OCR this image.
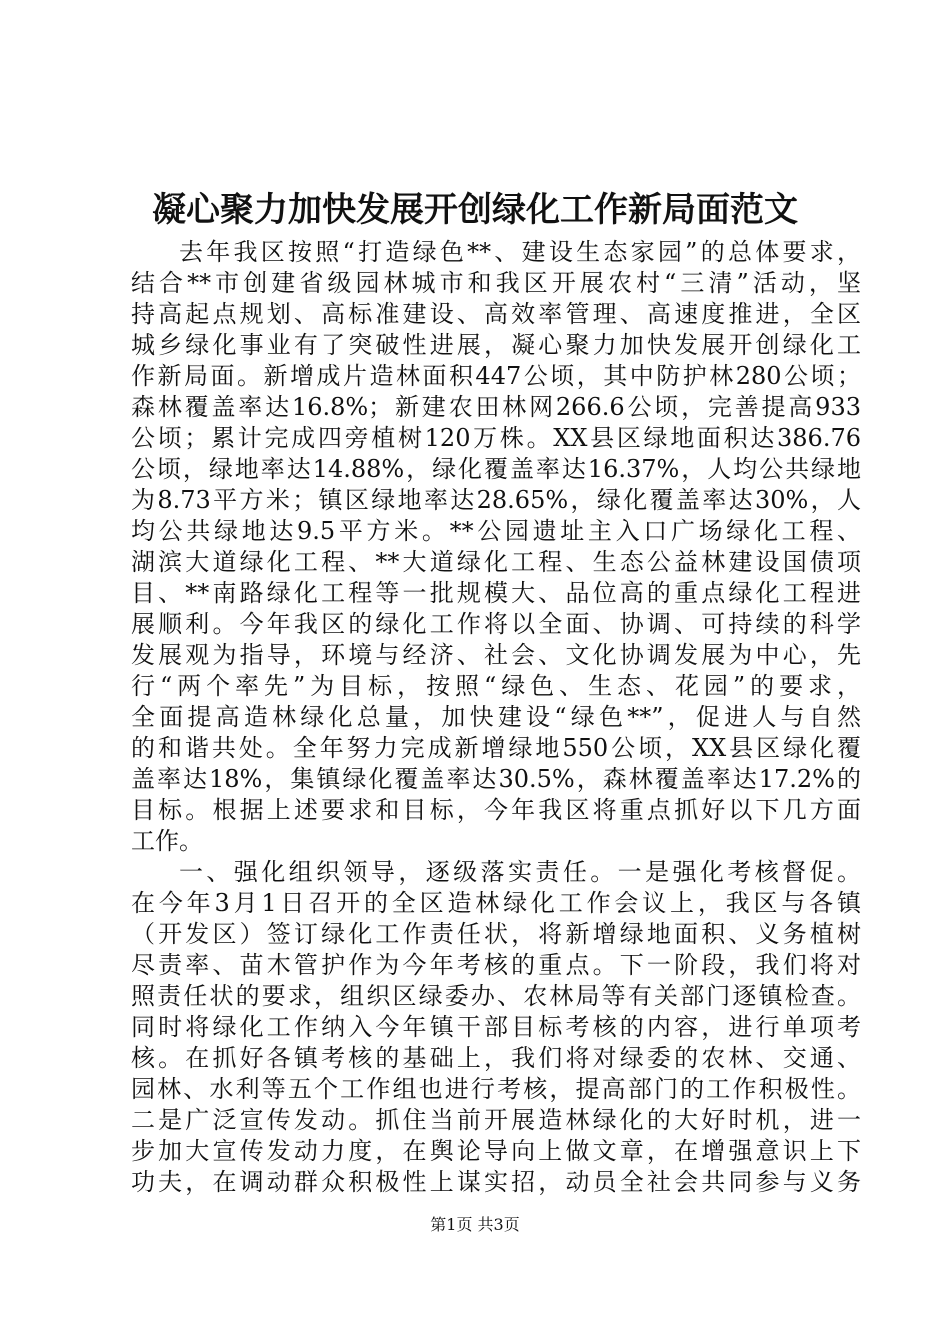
凝心聚力加快发展开创绿化工作新局面范文
去年我区按照“打造绿色**、建设生态家园”的总体要求，
结合**市创建省级园林城市和我区开展农村“三清”活动，坚
持高起点规划、高标准建设、高效率管理、高速度推进，全区
城乡绿化事业有了突破性进展，凝心聚力加快发展开创绿化工
作新局面。新增成片造林面积447公顷，其中防护林280公顷；
森林覆盖率达16.8%；新建农田林网266.6公顷，完善提高933
公顷；累计完成四旁植树120万株。XX县区绿地面积达386.76
公顷，绿地率达14.88%，绿化覆盖率达16.37%，人均公共绿地
为8.73平方米；镇区绿地率达28.65%，绿化覆盖率达30%，人
均公共绿地达9.5平方米。**公园遗址主入口广场绿化工程、
湖滨大道绿化工程、**大道绿化工程、生态公益林建设国债项
目、**南路绿化工程等一批规模大、品位高的重点绿化工程进
展顺利。今年我区的绿化工作将以全面、协调、可持续的科学
发展观为指导，环境与经济、社会、文化协调发展为中心，先
行“两个率先”为目标，按照“绿色、生态、花园”的要求，
全面提高造林绿化总量，加快建设“绿色**”，促进人与自然
的和谐共处。全年努力完成新增绿地550公顷，XX县区绿化覆
盖率达18%，集镇绿化覆盖率达30.5%，森林覆盖率达17.2%的
目标。根据上述要求和目标，今年我区将重点抓好以下几方面
工作。
一、强化组织领导，逐级落实责任。一是强化考核督促。
在今年3月1日召开的全区造林绿化工作会议上，我区与各镇
（开发区）签订绿化工作责任状，将新增绿地面积、义务植树
尽责率、苗木管护作为今年考核的重点。下一阶段，我们将对
照责任状的要求，组织区绿委办、农林局等有关部门逐镇检查。
同时将绿化工作纳入今年镇干部目标考核的内容，进行单项考
核。在抓好各镇考核的基础上，我们将对绿委的农林、交通、
园林、水利等五个工作组也进行考核，提高部门的工作积极性。
二是广泛宣传发动。抓住当前开展造林绿化的大好时机，进一
步加大宣传发动力度，在舆论导向上做文章，在增强意识上下
功夫，在调动群众积极性上谋实招，动员全社会共同参与义务
第1页 共3页
